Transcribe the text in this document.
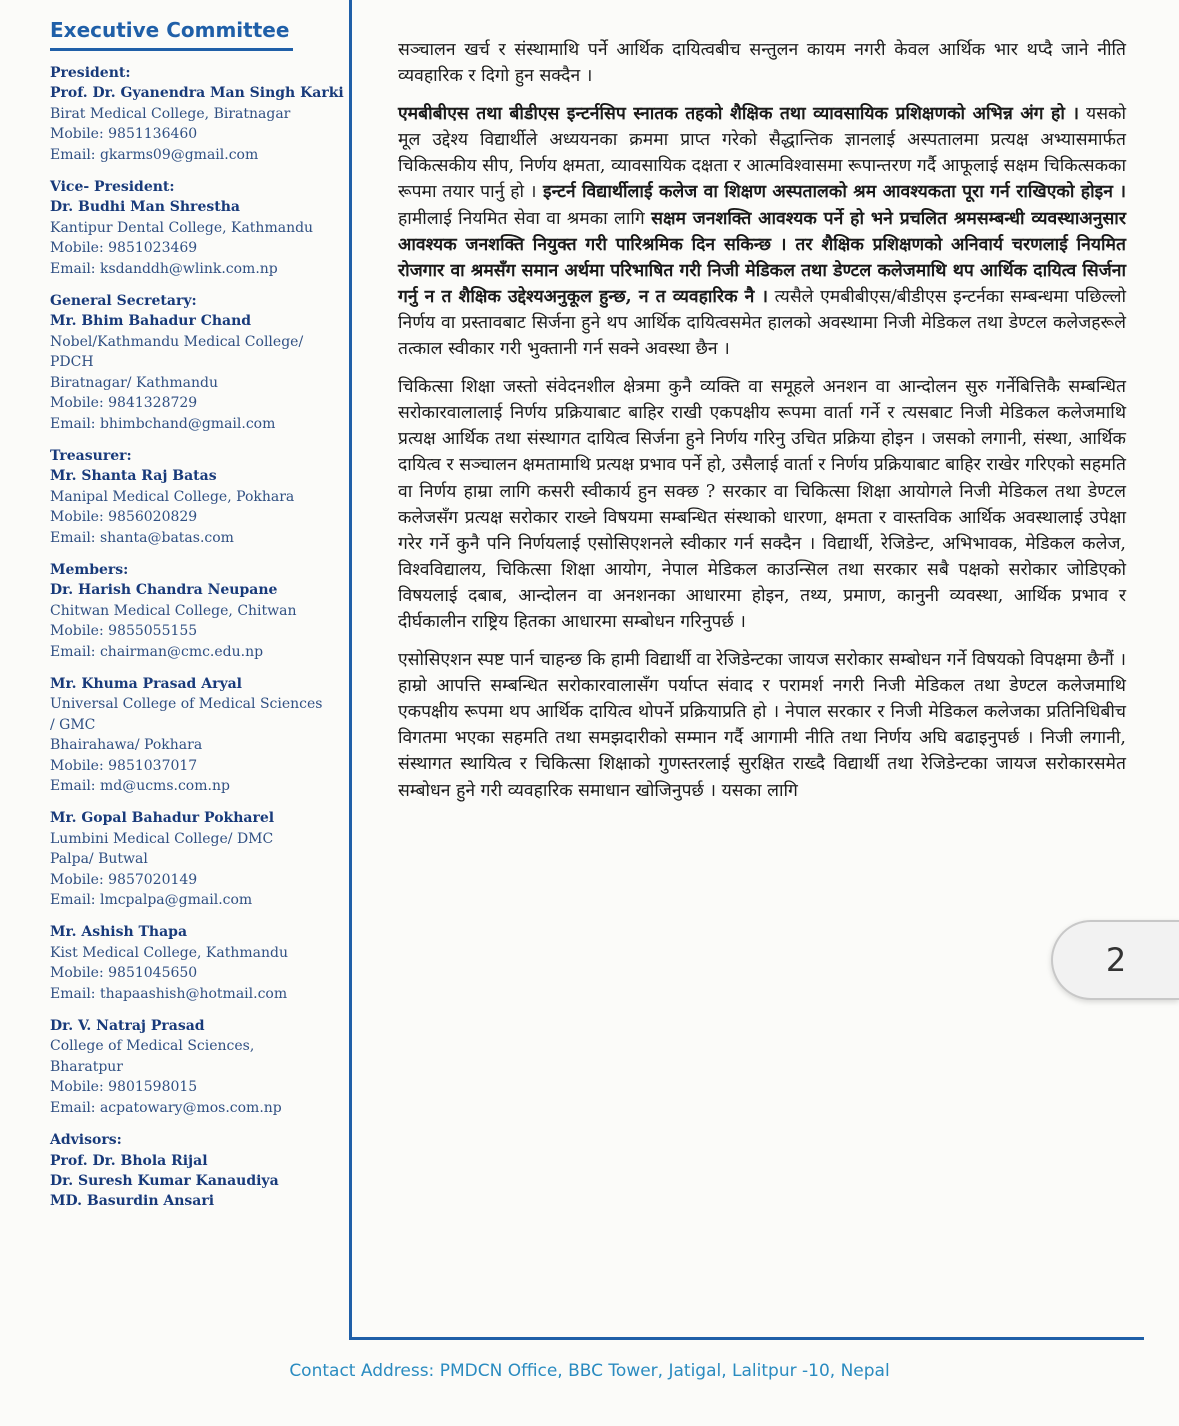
Executive Committee
President:
Prof. Dr. Gyanendra Man Singh Karki
Birat Medical College, Biratnagar
Mobile: 9851136460
Email: gkarms09@gmail.com
Vice- President:
Dr. Budhi Man Shrestha
Kantipur Dental College, Kathmandu
Mobile: 9851023469
Email: ksdanddh@wlink.com.np
General Secretary:
Mr. Bhim Bahadur Chand
Nobel/Kathmandu Medical College/
PDCH
Biratnagar/ Kathmandu
Mobile: 9841328729
Email: bhimbchand@gmail.com
Treasurer:
Mr. Shanta Raj Batas
Manipal Medical College, Pokhara
Mobile: 9856020829
Email: shanta@batas.com
Members:
Dr. Harish Chandra Neupane
Chitwan Medical College, Chitwan
Mobile: 9855055155
Email: chairman@cmc.edu.np
Mr. Khuma Prasad Aryal
Universal College of Medical Sciences
/ GMC
Bhairahawa/ Pokhara
Mobile: 9851037017
Email: md@ucms.com.np
Mr. Gopal Bahadur Pokharel
Lumbini Medical College/ DMC
Palpa/ Butwal
Mobile: 9857020149
Email: lmcpalpa@gmail.com
Mr. Ashish Thapa
Kist Medical College, Kathmandu
Mobile: 9851045650
Email: thapaashish@hotmail.com
Dr. V. Natraj Prasad
College of Medical Sciences,
Bharatpur
Mobile: 9801598015
Email: acpatowary@mos.com.np
Advisors:
Prof. Dr. Bhola Rijal
Dr. Suresh Kumar Kanaudiya
MD. Basurdin Ansari

सञ्चालन खर्च र संस्थामाथि पर्ने आर्थिक दायित्वबीच सन्तुलन कायम नगरी केवल आर्थिक भार थप्दै जाने नीति व्यवहारिक र दिगो हुन सक्दैन ।

एमबीबीएस तथा बीडीएस इन्टर्नसिप स्नातक तहको शैक्षिक तथा व्यावसायिक प्रशिक्षणको अभिन्न अंग हो । यसको मूल उद्देश्य विद्यार्थीले अध्ययनका क्रममा प्राप्त गरेको सैद्धान्तिक ज्ञानलाई अस्पतालमा प्रत्यक्ष अभ्यासमार्फत चिकित्सकीय सीप, निर्णय क्षमता, व्यावसायिक दक्षता र आत्मविश्वासमा रूपान्तरण गर्दै आफूलाई सक्षम चिकित्सकका रूपमा तयार पार्नु हो । इन्टर्न विद्यार्थीलाई कलेज वा शिक्षण अस्पतालको श्रम आवश्यकता पूरा गर्न राखिएको होइन । हामीलाई नियमित सेवा वा श्रमका लागि सक्षम जनशक्ति आवश्यक पर्ने हो भने प्रचलित श्रमसम्बन्धी व्यवस्थाअनुसार आवश्यक जनशक्ति नियुक्त गरी पारिश्रमिक दिन सकिन्छ । तर शैक्षिक प्रशिक्षणको अनिवार्य चरणलाई नियमित रोजगार वा श्रमसँग समान अर्थमा परिभाषित गरी निजी मेडिकल तथा डेण्टल कलेजमाथि थप आर्थिक दायित्व सिर्जना गर्नु न त शैक्षिक उद्देश्यअनुकूल हुन्छ, न त व्यवहारिक नै । त्यसैले एमबीबीएस/बीडीएस इन्टर्नका सम्बन्धमा पछिल्लो निर्णय वा प्रस्तावबाट सिर्जना हुने थप आर्थिक दायित्वसमेत हालको अवस्थामा निजी मेडिकल तथा डेण्टल कलेजहरूले तत्काल स्वीकार गरी भुक्तानी गर्न सक्ने अवस्था छैन ।

चिकित्सा शिक्षा जस्तो संवेदनशील क्षेत्रमा कुनै व्यक्ति वा समूहले अनशन वा आन्दोलन सुरु गर्नेबित्तिकै सम्बन्धित सरोकारवालालाई निर्णय प्रक्रियाबाट बाहिर राखी एकपक्षीय रूपमा वार्ता गर्ने र त्यसबाट निजी मेडिकल कलेजमाथि प्रत्यक्ष आर्थिक तथा संस्थागत दायित्व सिर्जना हुने निर्णय गरिनु उचित प्रक्रिया होइन । जसको लगानी, संस्था, आर्थिक दायित्व र सञ्चालन क्षमतामाथि प्रत्यक्ष प्रभाव पर्ने हो, उसैलाई वार्ता र निर्णय प्रक्रियाबाट बाहिर राखेर गरिएको सहमति वा निर्णय हाम्रा लागि कसरी स्वीकार्य हुन सक्छ ? सरकार वा चिकित्सा शिक्षा आयोगले निजी मेडिकल तथा डेण्टल कलेजसँग प्रत्यक्ष सरोकार राख्ने विषयमा सम्बन्धित संस्थाको धारणा, क्षमता र वास्तविक आर्थिक अवस्थालाई उपेक्षा गरेर गर्ने कुनै पनि निर्णयलाई एसोसिएशनले स्वीकार गर्न सक्दैन । विद्यार्थी, रेजिडेन्ट, अभिभावक, मेडिकल कलेज, विश्वविद्यालय, चिकित्सा शिक्षा आयोग, नेपाल मेडिकल काउन्सिल तथा सरकार सबै पक्षको सरोकार जोडिएको विषयलाई दबाब, आन्दोलन वा अनशनका आधारमा होइन, तथ्य, प्रमाण, कानुनी व्यवस्था, आर्थिक प्रभाव र दीर्घकालीन राष्ट्रिय हितका आधारमा सम्बोधन गरिनुपर्छ ।

एसोसिएशन स्पष्ट पार्न चाहन्छ कि हामी विद्यार्थी वा रेजिडेन्टका जायज सरोकार सम्बोधन गर्ने विषयको विपक्षमा छैनौं । हाम्रो आपत्ति सम्बन्धित सरोकारवालासँग पर्याप्त संवाद र परामर्श नगरी निजी मेडिकल तथा डेण्टल कलेजमाथि एकपक्षीय रूपमा थप आर्थिक दायित्व थोपर्ने प्रक्रियाप्रति हो । नेपाल सरकार र निजी मेडिकल कलेजका प्रतिनिधिबीच विगतमा भएका सहमति तथा समझदारीको सम्मान गर्दै आगामी नीति तथा निर्णय अघि बढाइनुपर्छ । निजी लगानी, संस्थागत स्थायित्व र चिकित्सा शिक्षाको गुणस्तरलाई सुरक्षित राख्दै विद्यार्थी तथा रेजिडेन्टका जायज सरोकारसमेत सम्बोधन हुने गरी व्यवहारिक समाधान खोजिनुपर्छ । यसका लागि

2
Contact Address: PMDCN Office, BBC Tower, Jatigal, Lalitpur -10, Nepal
